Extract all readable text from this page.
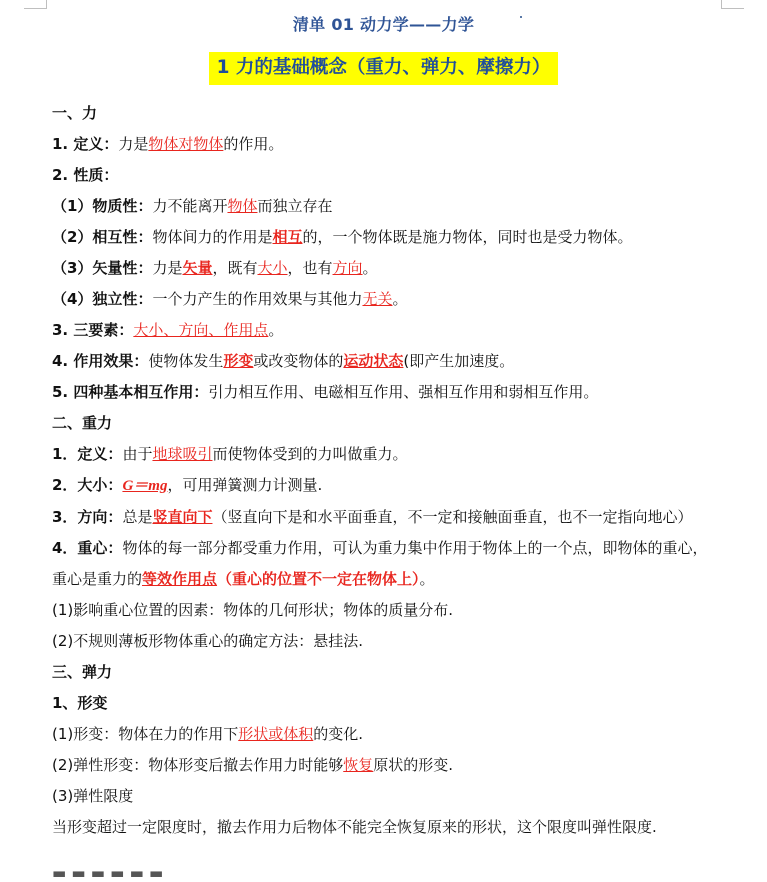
清单 01 动力学——力学
1 力的基础概念（重力、弹力、摩擦力）
一、力
1. 定义：力是物体对物体的作用。
2. 性质：
（1）物质性：力不能离开物体而独立存在
（2）相互性：物体间力的作用是相互的，一个物体既是施力物体，同时也是受力物体。
（3）矢量性：力是矢量，既有大小，也有方向。
（4）独立性：一个力产生的作用效果与其他力无关。
3. 三要素：大小、方向、作用点。
4. 作用效果：使物体发生形变或改变物体的运动状态(即产生加速度。
5. 四种基本相互作用：引力相互作用、电磁相互作用、强相互作用和弱相互作用。
二、重力
1．定义：由于地球吸引而使物体受到的力叫做重力。
2．大小：G＝mg，可用弹簧测力计测量.
3．方向：总是竖直向下（竖直向下是和水平面垂直，不一定和接触面垂直，也不一定指向地心）
4．重心：物体的每一部分都受重力作用，可认为重力集中作用于物体上的一个点，即物体的重心，重心是重力的等效作用点（重心的位置不一定在物体上）。
(1)影响重心位置的因素：物体的几何形状；物体的质量分布.
(2)不规则薄板形物体重心的确定方法：悬挂法.
三、弹力
1、形变
(1)形变：物体在力的作用下形状或体积的变化.
(2)弹性形变：物体形变后撤去作用力时能够恢复原状的形变.
(3)弹性限度
当形变超过一定限度时，撤去作用力后物体不能完全恢复原来的形状，这个限度叫弹性限度.
▬ ▬ ▬ ▬ ▬ ▬
